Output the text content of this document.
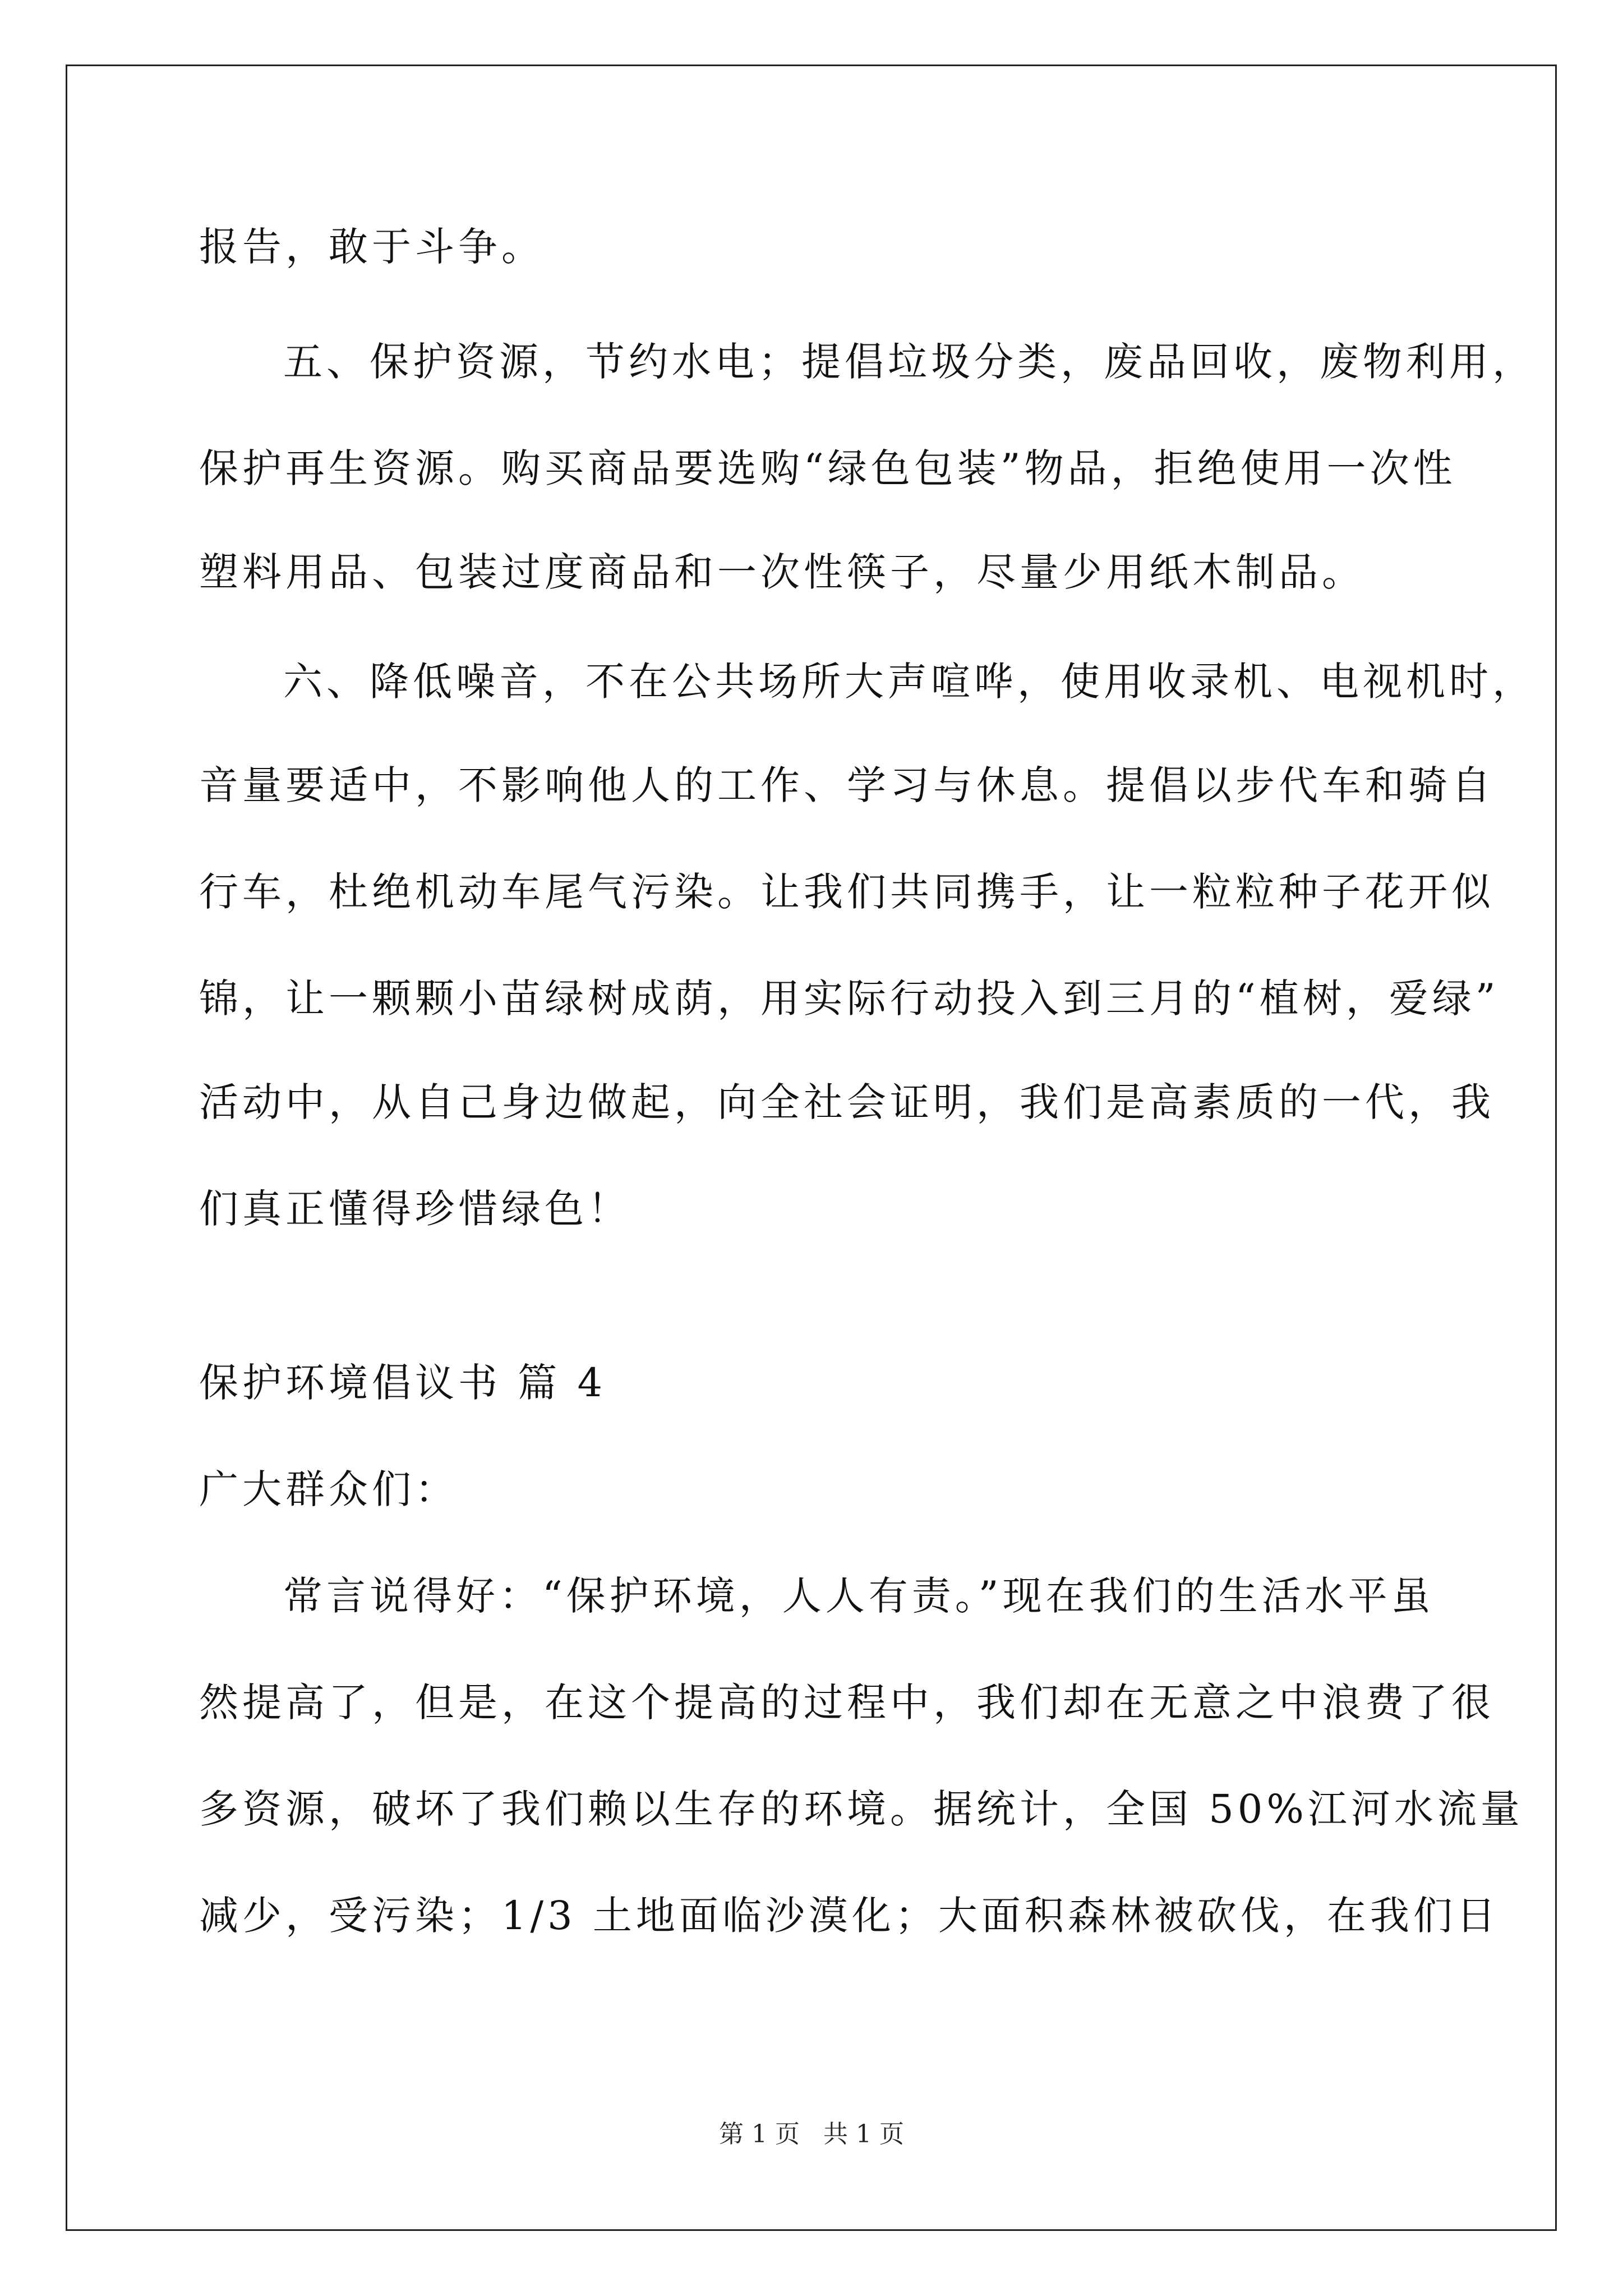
报告，敢于斗争。
五、保护资源，节约水电；提倡垃圾分类，废品回收，废物利用，
保护再生资源。购买商品要选购“绿色包装”物品，拒绝使用一次性
塑料用品、包装过度商品和一次性筷子，尽量少用纸木制品。
六、降低噪音，不在公共场所大声喧哗，使用收录机、电视机时，
音量要适中，不影响他人的工作、学习与休息。提倡以步代车和骑自
行车，杜绝机动车尾气污染。让我们共同携手，让一粒粒种子花开似
锦，让一颗颗小苗绿树成荫，用实际行动投入到三月的“植树，爱绿”
活动中，从自己身边做起，向全社会证明，我们是高素质的一代，我
们真正懂得珍惜绿色！
保护环境倡议书 篇 4
广大群众们：
常言说得好：“保护环境，人人有责。”现在我们的生活水平虽
然提高了，但是，在这个提高的过程中，我们却在无意之中浪费了很
多资源，破坏了我们赖以生存的环境。据统计，全国 50%江河水流量
减少，受污染；1/3 土地面临沙漠化；大面积森林被砍伐，在我们日
第 1 页   共 1 页
